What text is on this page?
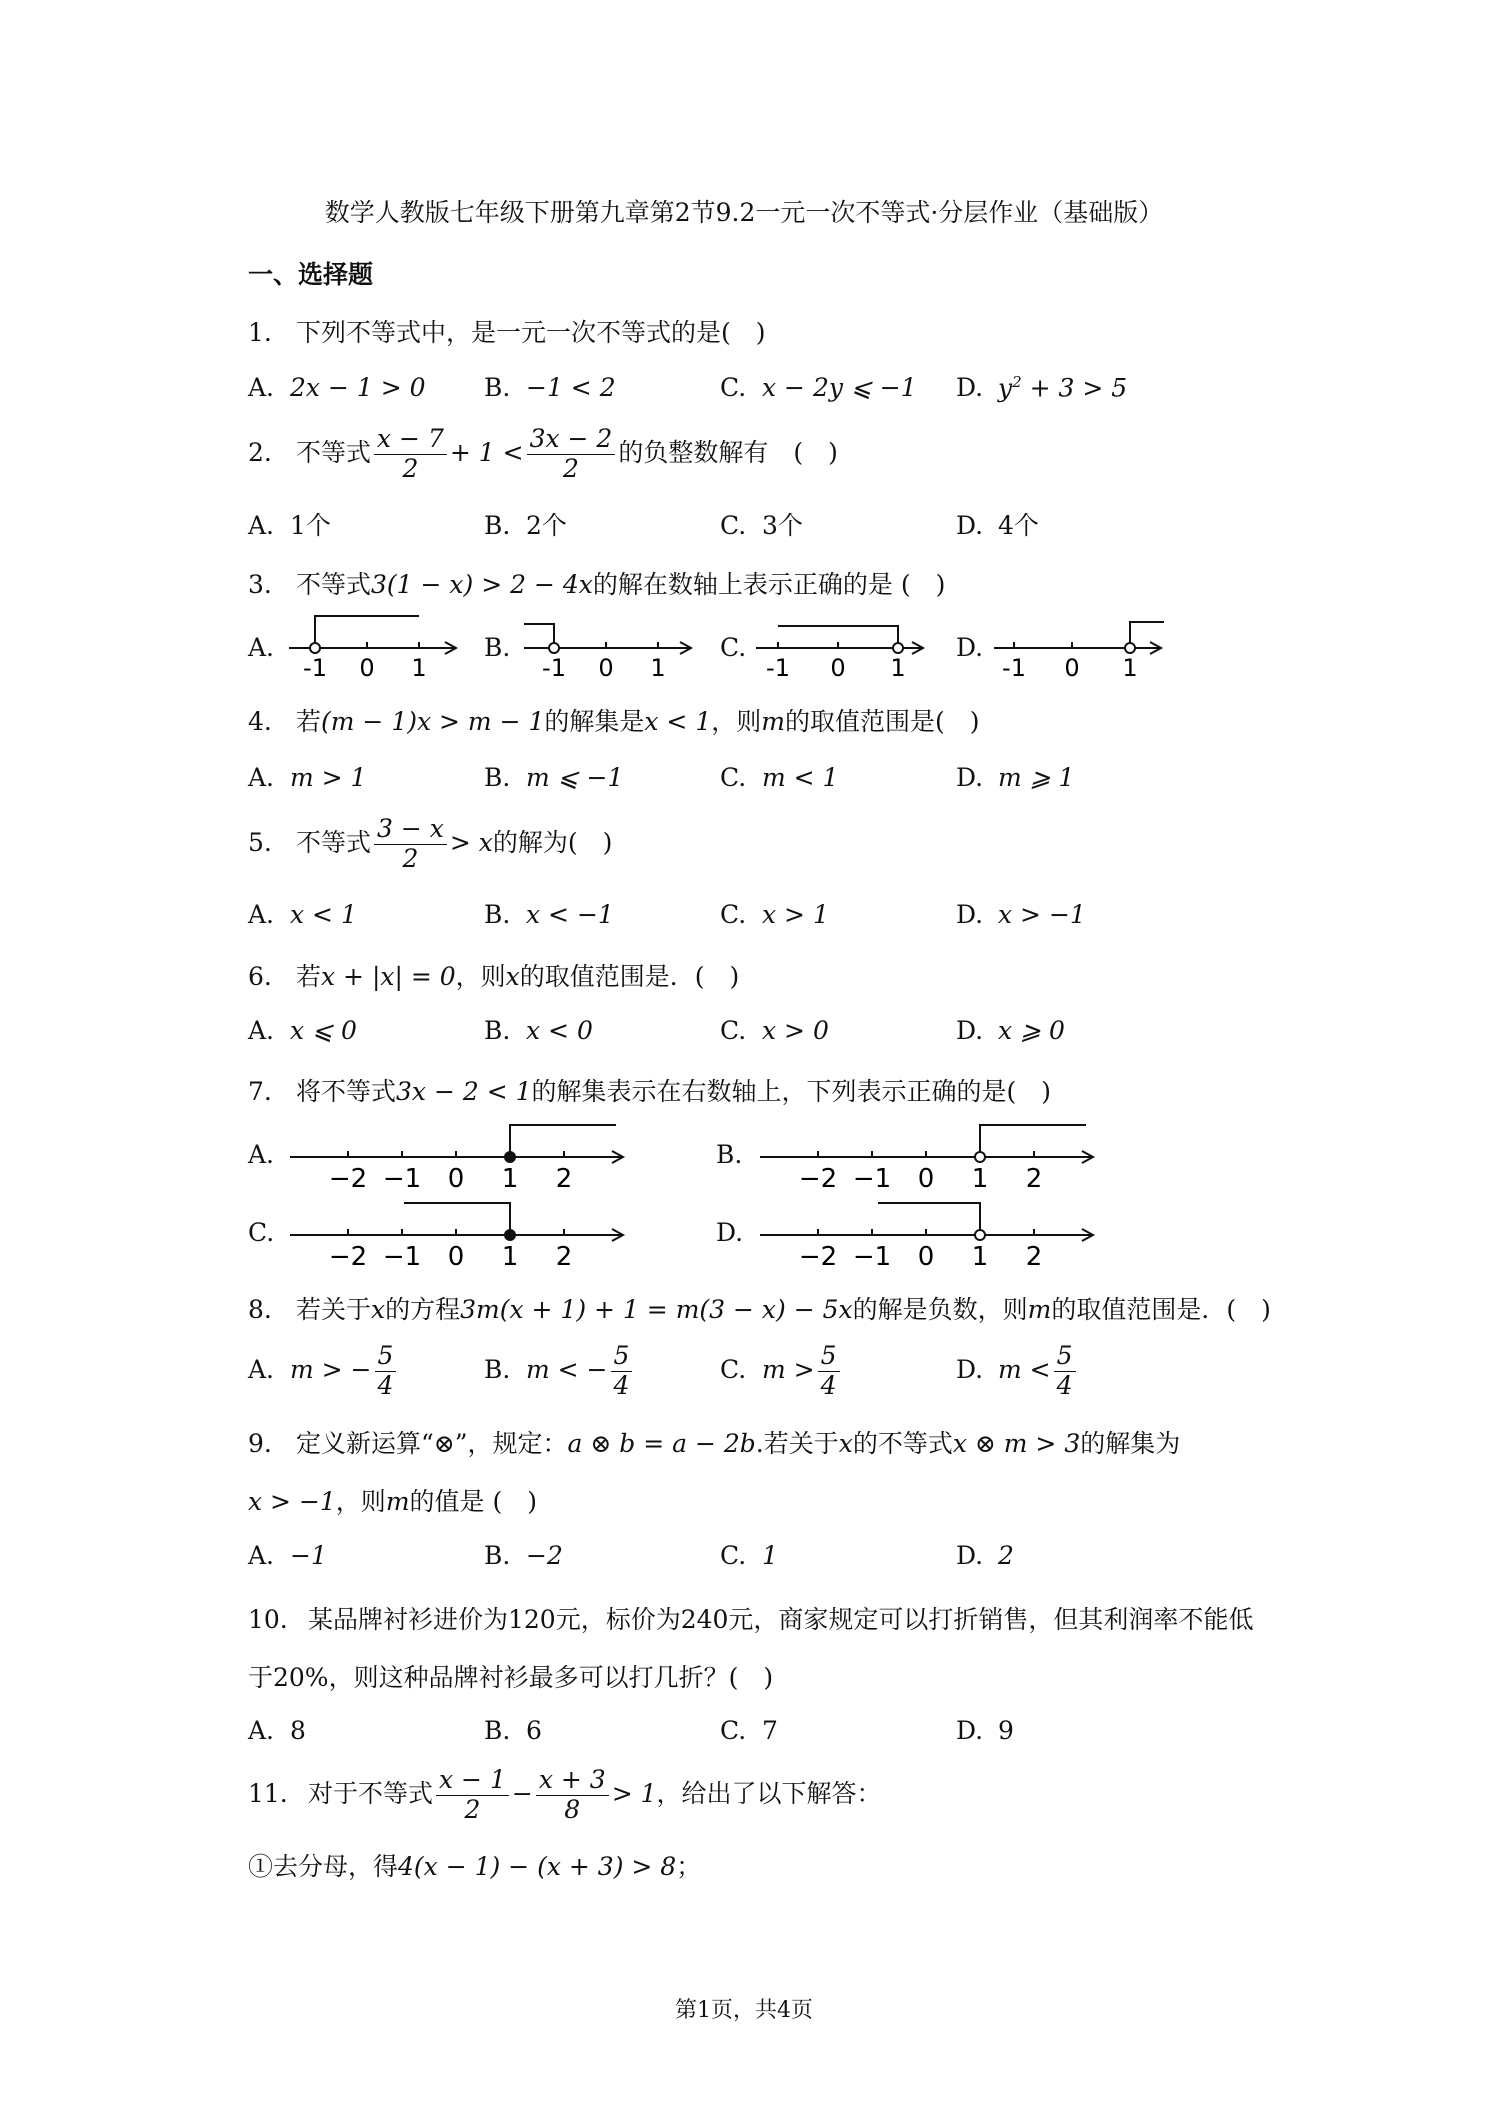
数学人教版七年级下册第九章第2节9.2一元一次不等式·分层作业（基础版）
一、选择题
1. 下列不等式中，是一元一次不等式的是(　)
A. 2x − 1 > 0 B. −1 < 2	C. x − 2y ⩽ −1 D. $y^2 + 3 > 5$
2. 不等式 $\frac{x - 7}{2} + 1 < \frac{3x - 2}{2}$ 的负整数解有　(　)
A. 1个	B. 2个	C. 3个	D. 4个
3. 不等式3(1 − x) > 2 − 4x的解在数轴上表示正确的是 (　)
A.	B.	C.	D.
-1 0 1	-1 0 1	-1 0 1	-1 0 1
4. 若(m − 1)x > m − 1的解集是x < 1，则m的取值范围是(　)
A. m > 1	B. m ⩽ −1	C. m < 1	D. m ⩾ 1
5. 不等式 $\frac{3 - x}{2} > x$的解为(　)
A. x < 1	B. x < −1	C. x > 1	D. x > −1
6. 若x + |x| = 0，则x的取值范围是．(　)
A. x ⩽ 0	B. x < 0	C. x > 0	D. x ⩾ 0
7. 将不等式3x − 2 < 1的解集表示在右数轴上，下列表示正确的是(　)
A.	B.
C.	D.
−2 −1 0 1 2	−2 −1 0 1 2
−2 −1 0 1 2	−2 −1 0 1 2
8. 若关于x的方程3m(x + 1) + 1 = m(3 − x) − 5x的解是负数，则m的取值范围是．(　)
A. m > − $\frac{5}{4}$	B. m < − $\frac{5}{4}$	C. $m > \frac{5}{4}$	D. $m < \frac{5}{4}$
9. 定义新运算“⊗”，规定：a ⊗ b = a − 2b.若关于x的不等式x ⊗ m > 3的解集为
x > −1，则m的值是 (　)
A. −1	B. −2	C. 1	D. 2
10. 某品牌衬衫进价为120元，标价为240元，商家规定可以打折销售，但其利润率不能低
于20%，则这种品牌衬衫最多可以打几折？(　)
A. 8	B. 6	C. 7	D. 9
11. 对于不等式 $\frac{x - 1}{2} - \frac{x + 3}{8} > 1$，给出了以下解答：
①去分母，得4(x − 1) − (x + 3) > 8；
第1页，共4页
